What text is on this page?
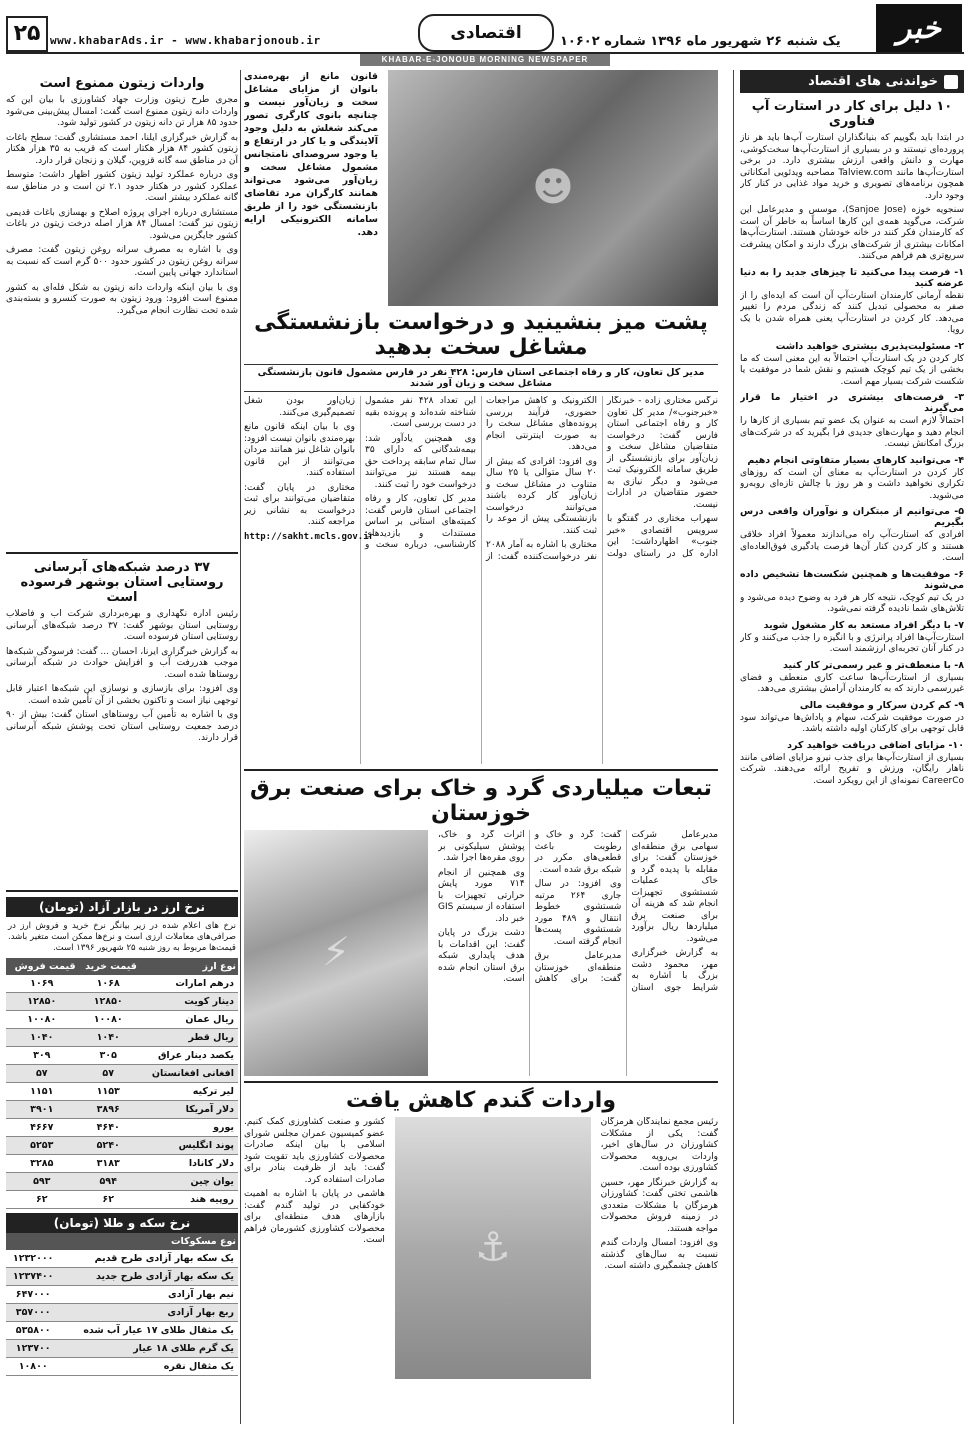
۲۵ www.khabarAds.ir - www.khabarjonoub.ir	اقتصادی	یک شنبه ۲۶ شهریور ماه ۱۳۹۶ شماره ۱۰۶۰۲	خبر
KHABAR-E-JONOUB MORNING NEWSPAPER
خواندنی های اقتصاد
۱۰ دلیل برای کار در استارت آپ فناوری

در ابتدا باید بگوییم که بنیانگذاران استارت آپ‌ها باید هر ناز پرورده‌ای نیستند و در بسیاری از استارت‌آپ‌ها سخت‌کوشی، مهارت و دانش واقعی ارزش بیشتری دارد. در برخی استارت‌آپ‌ها مانند Talview.com مصاحبه ویدئویی امکاناتی همچون برنامه‌های تصویری و خرید مواد غذایی در کنار کار وجود دارد.

سنجویه خوزه (Sanjoe Jose)، موسس و مدیرعامل این شرکت، می‌گوید همه‌ی این کارها اساساً به خاطر آن است که کارمندان فکر کنند در خانه خودشان هستند. استارت‌آپ‌ها امکانات بیشتری از شرکت‌های بزرگ دارند و امکان پیشرفت سریع‌تری هم فراهم می‌کنند.

۱- فرصت پیدا می‌کنید تا چیزهای جدید را به دنیا عرضه کنید

نقطه آرمانی کارمندان استارت‌آپ آن است که ایده‌ای را از صفر به محصولی تبدیل کنند که زندگی مردم را تغییر می‌دهد. کار کردن در استارت‌آپ یعنی همراه شدن با یک رویا.

۲- مسئولیت‌پذیری بیشتری خواهید داشت

کار کردن در یک استارت‌آپ احتمالاً به این معنی است که ما بخشی از یک تیم کوچک هستیم و نقش شما در موفقیت یا شکست شرکت بسیار مهم است.

۳- فرصت‌های بیشتری در اختیار ما قرار می‌گیرند

احتمالاً لازم است به عنوان یک عضو تیم بسیاری از کارها را انجام دهید و مهارت‌های جدیدی فرا بگیرید که در شرکت‌های بزرگ امکانش نیست.

۴- می‌توانید کارهای بسیار متفاوتی انجام دهیم

کار کردن در استارت‌آپ به معنای آن است که روزهای تکراری نخواهید داشت و هر روز با چالش تازه‌ای روبه‌رو می‌شوید.

۵- می‌توانیم از مبتکران و نوآوران واقعی درس بگیریم

افرادی که استارت‌آپ راه می‌اندازند معمولاً افراد خلاقی هستند و کار کردن کنار آن‌ها فرصت یادگیری فوق‌العاده‌ای است.

۶- موفقیت‌ها و همچنین شکست‌ها تشخیص داده می‌شوند

در یک تیم کوچک، نتیجه کار هر فرد به وضوح دیده می‌شود و تلاش‌های شما نادیده گرفته نمی‌شود.

۷- با دیگر افراد مستعد به کار مشغول شوید

استارت‌آپ‌ها افراد پرانرژی و با انگیزه را جذب می‌کنند و کار در کنار آنان تجربه‌ای ارزشمند است.

۸- با منعطف‌تر و غیر رسمی‌تر کار کنید

بسیاری از استارت‌آپ‌ها ساعت کاری منعطف و فضای غیررسمی دارند که به کارمندان آرامش بیشتری می‌دهد.

۹- کم کردن سرکار و موفقیت مالی

در صورت موفقیت شرکت، سهام و پاداش‌ها می‌تواند سود قابل توجهی برای کارکنان اولیه داشته باشد.

۱۰- مزایای اضافی دریافت خواهید کرد

بسیاری از استارت‌آپ‌ها برای جذب نیرو مزایای اضافی مانند ناهار رایگان، ورزش و تفریح ارائه می‌دهند. شرکت CareerCo نمونه‌ای از این رویکرد است.

☻
قانون مانع از بهره‌مندی بانوان از مزایای مشاغل سخت و زیان‌آور نیست و چنانچه بانوی کارگری تصور می‌کند شغلش به دلیل وجود آلایندگی و یا کار در ارتفاع و یا وجود سروصدای نامتجانس مشمول مشاغل سخت و زیان‌آور می‌شود می‌تواند همانند کارگران مرد تقاضای بازنشستگی خود را از طریق سامانه الکترونیکی ارایه دهد.
پشت میز بنشینید و درخواست بازنشستگی مشاغل سخت بدهید
مدیر کل تعاون، کار و رفاه اجتماعی استان فارس: ۴۲۸ نفر در فارس مشمول قانون بازنشستگی مشاغل سخت و زیان آور شدند

نرگس مختاری زاده - خبرنگار «خبرجنوب»/ مدیر کل تعاون کار و رفاه اجتماعی استان فارس گفت: درخواست متقاضیان مشاغل سخت و زیان‌آور برای بازنشستگی از طریق سامانه الکترونیک ثبت می‌شود و دیگر نیازی به حضور متقاضیان در ادارات نیست.

سهراب مختاری در گفتگو با سرویس اقتصادی «خبر جنوب» اظهارداشت: این اداره کل در راستای دولت الکترونیک و کاهش مراجعات حضوری، فرآیند بررسی پرونده‌های مشاغل سخت را به صورت اینترنتی انجام می‌دهد.

وی افزود: افرادی که بیش از ۲۰ سال متوالی یا ۲۵ سال متناوب در مشاغل سخت و زیان‌آور کار کرده باشند می‌توانند درخواست بازنشستگی پیش از موعد را ثبت کنند.

مختاری با اشاره به آمار ۲۰۸۸ نفر درخواست‌کننده گفت: از این تعداد ۴۲۸ نفر مشمول شناخته شده‌اند و پرونده بقیه در دست بررسی است.

وی همچنین یادآور شد: بیمه‌شدگانی که دارای ۳۵ سال تمام سابقه پرداخت حق بیمه هستند نیز می‌توانند درخواست خود را ثبت کنند.

مدیر کل تعاون، کار و رفاه اجتماعی استان فارس گفت: کمیته‌های استانی بر اساس مستندات و بازدیدهای کارشناسی، درباره سخت و زیان‌آور بودن شغل تصمیم‌گیری می‌کنند.

وی با بیان اینکه قانون مانع بهره‌مندی بانوان نیست افزود: بانوان شاغل نیز همانند مردان می‌توانند از این قانون استفاده کنند.

مختاری در پایان گفت: متقاضیان می‌توانند برای ثبت درخواست به نشانی زیر مراجعه کنند.

http://sakht.mcls.gov.ir

تبعات میلیاردی گرد و خاک برای صنعت برق خوزستان

مدیرعامل شرکت سهامی برق منطقه‌ای خوزستان گفت: برای مقابله با پدیده گرد و خاک عملیات شستشوی تجهیزات انجام شد که هزینه آن برای صنعت برق میلیاردها ریال برآورد می‌شود.

به گزارش خبرگزاری مهر، محمود دشت بزرگ با اشاره به شرایط جوی استان گفت: گرد و خاک و رطوبت باعث قطعی‌های مکرر در شبکه برق شده است.

وی افزود: در سال جاری ۲۶۴ مرتبه شستشوی خطوط انتقال و ۴۸۹ مورد شستشوی پست‌ها انجام گرفته است.

مدیرعامل برق منطقه‌ای خوزستان گفت: برای کاهش اثرات گرد و خاک، پوشش سیلیکونی بر روی مقره‌ها اجرا شد.

وی همچنین از انجام ۷۱۴ مورد پایش حرارتی تجهیزات با استفاده از سیستم GIS خبر داد.

دشت بزرگ در پایان گفت: این اقدامات با هدف پایداری شبکه برق استان انجام شده است.

⚡
واردات گندم کاهش یافت

رئیس مجمع نمایندگان هرمزگان گفت: یکی از مشکلات کشاورزان در سال‌های اخیر، واردات بی‌رویه محصولات کشاورزی بوده است.

به گزارش خبرنگار مهر، حسین هاشمی تختی گفت: کشاورزان هرمزگان با مشکلات متعددی در زمینه فروش محصولات مواجه هستند.

وی افزود: امسال واردات گندم نسبت به سال‌های گذشته کاهش چشمگیری داشته است.

⚓

کشور و صنعت کشاورزی کمک کنیم. عضو کمیسیون عمران مجلس شورای اسلامی با بیان اینکه صادرات محصولات کشاورزی باید تقویت شود گفت: باید از ظرفیت بنادر برای صادرات استفاده کرد.

هاشمی در پایان با اشاره به اهمیت خودکفایی در تولید گندم گفت: بازارهای هدف منطقه‌ای برای محصولات کشاورزی کشورمان فراهم است.

واردات زیتون ممنوع است

مجری طرح زیتون وزارت جهاد کشاورزی با بیان این که واردات دانه زیتون ممنوع است گفت: امسال پیش‌بینی می‌شود حدود ۸۵ هزار تن دانه زیتون در کشور تولید شود.

به گزارش خبرگزاری ایلنا، احمد مستشاری گفت: سطح باغات زیتون کشور ۸۴ هزار هکتار است که قریب به ۳۵ هزار هکتار آن در مناطق سه گانه قزوین، گیلان و زنجان قرار دارد.

وی درباره عملکرد تولید زیتون کشور اظهار داشت: متوسط عملکرد کشور در هکتار حدود ۲.۱ تن است و در مناطق سه گانه عملکرد بیشتر است.

مستشاری درباره اجرای پروژه اصلاح و بهسازی باغات قدیمی زیتون نیز گفت: امسال ۸۴ هزار اصله درخت زیتون در باغات کشور جایگزین می‌شود.

وی با اشاره به مصرف سرانه روغن زیتون گفت: مصرف سرانه روغن زیتون در کشور حدود ۵۰۰ گرم است که نسبت به استاندارد جهانی پایین است.

وی با بیان اینکه واردات دانه زیتون به شکل فله‌ای به کشور ممنوع است افزود: ورود زیتون به صورت کنسرو و بسته‌بندی شده تحت نظارت انجام می‌گیرد.

۳۷ درصد شبکه‌های آبرسانی روستایی استان بوشهر فرسوده است

رئیس اداره نگهداری و بهره‌برداری شرکت آب و فاضلاب روستایی استان بوشهر گفت: ۳۷ درصد شبکه‌های آبرسانی روستایی استان فرسوده است.

به گزارش خبرگزاری ایرنا، احسان ... گفت: فرسودگی شبکه‌ها موجب هدررفت آب و افزایش حوادث در شبکه آبرسانی روستاها شده است.

وی افزود: برای بازسازی و نوسازی این شبکه‌ها اعتبار قابل توجهی نیاز است و تاکنون بخشی از آن تأمین شده است.

وی با اشاره به تأمین آب روستاهای استان گفت: بیش از ۹۰ درصد جمعیت روستایی استان تحت پوشش شبکه آبرسانی قرار دارند.

نرخ ارز در بازار آزاد (تومان)
نرخ های اعلام شده در زیر بیانگر نرخ خرید و فروش ارز در صرافی‌های معاملات ارزی است و نرخ‌ها ممکن است متغیر باشد. قیمت‌ها مربوط به روز شنبه ۲۵ شهریور ۱۳۹۶ است.
نوع ارز	قیمت خرید	قیمت فروش
درهم امارات	۱۰۶۸	۱۰۶۹
دینار کویت	۱۲۸۵۰	۱۲۸۵۰
ریال عمان	۱۰۰۸۰	۱۰۰۸۰
ریال قطر	۱۰۴۰	۱۰۴۰
یکصد دینار عراق	۳۰۵	۳۰۹
افغانی افغانستان	۵۷	۵۷
لیر ترکیه	۱۱۵۳	۱۱۵۱
دلار آمریکا	۳۸۹۶	۳۹۰۱
یورو	۴۶۴۰	۴۶۶۷
پوند انگلیس	۵۲۴۰	۵۲۵۳
دلار کانادا	۳۱۸۳	۳۲۸۵
یوان چین	۵۹۴	۵۹۳
روپیه هند	۶۲	۶۲
نرخ سکه و طلا (تومان)
نوع مسکوکات	
یک سکه بهار آزادی طرح قدیم	۱۲۳۲۰۰۰
یک سکه بهار آزادی طرح جدید	۱۲۳۷۴۰۰
نیم بهار آزادی	۶۴۷۰۰۰
ربع بهار آزادی	۳۵۷۰۰۰
یک مثقال طلای ۱۷ عیار آب شده	۵۳۵۸۰۰
یک گرم طلای ۱۸ عیار	۱۲۳۷۰۰
یک مثقال نقره	۱۰۸۰۰
